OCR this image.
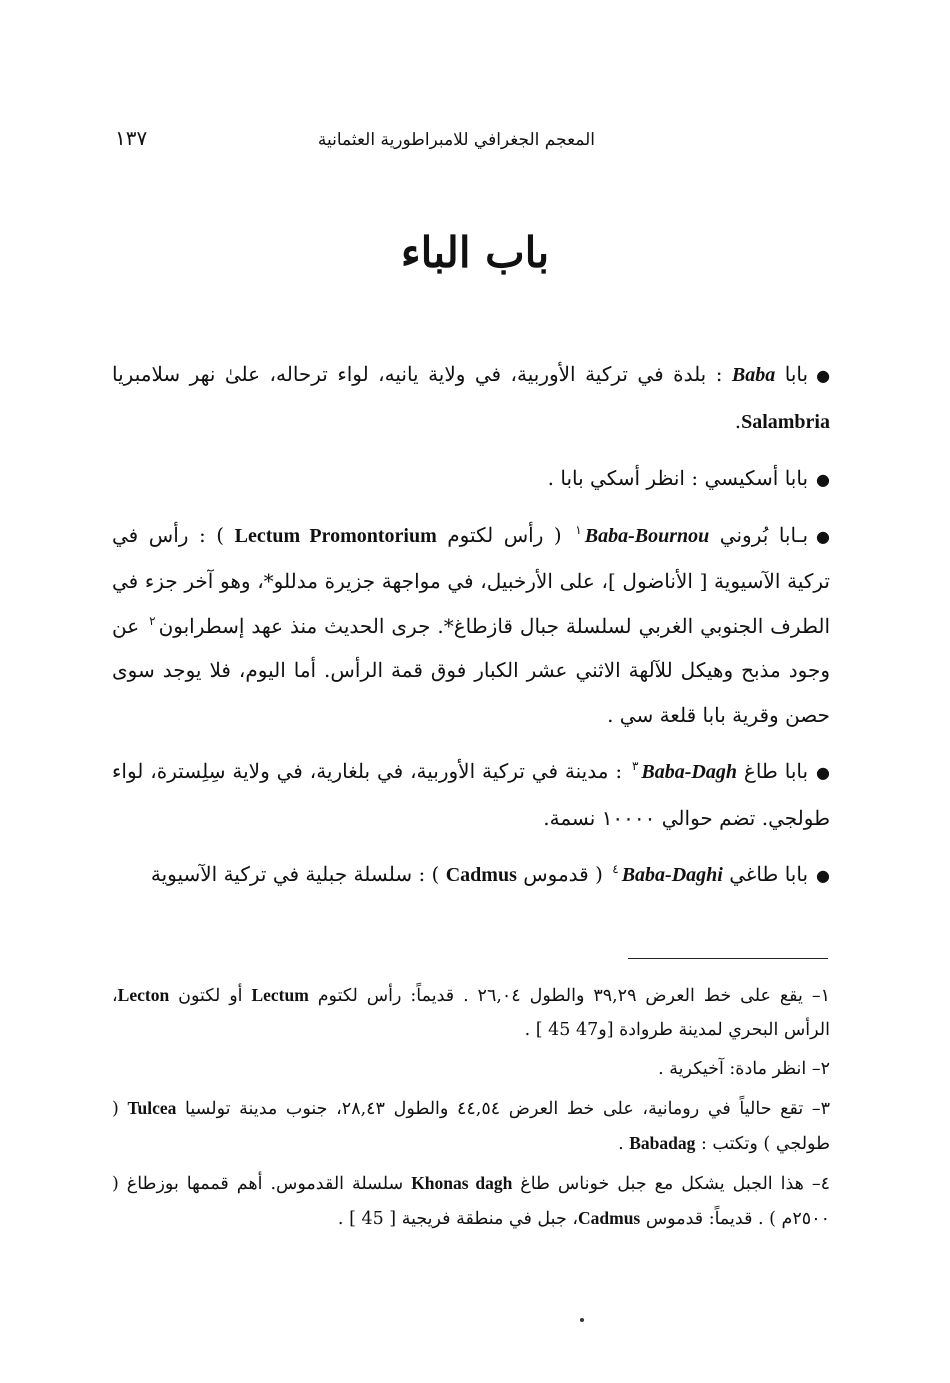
المعجم الجغرافي للامبراطورية العثمانية
١٣٧
باب الباء

●بابا Baba : بلدة في تركية الأوربية، في ولاية يانيه، لواء ترحاله، علىٰ نهر سلامبريا Salambria.

●بابا أسكيسي : انظر أسكي بابا .

●بـابا بُروني Baba-Bournou$^١$ ( رأس لكتوم Lectum Promontorium ) : رأس في تركية الآسيوية [ الأناضول ]، على الأرخبيل، في مواجهة جزيرة مدللو*، وهو آخر جزء في الطرف الجنوبي الغربي لسلسلة جبال قازطاغ*. جرى الحديث منذ عهد إسطرابون$^٢$ عن وجود مذبح وهيكل للآلهة الاثني عشر الكبار فوق قمة الرأس. أما اليوم، فلا يوجد سوى حصن وقرية بابا قلعة سي .

●بابا طاغ Baba-Dagh$^٣$ : مدينة في تركية الأوربية، في بلغارية، في ولاية سِلِسترة، لواء طولجي. تضم حوالي ١٠٠٠٠ نسمة.

●بابا طاغي Baba-Daghi$^٤$ ( قدموس Cadmus ) : سلسلة جبلية في تركية الآسيوية

١– يقع على خط العرض ٣٩,٢٩ والطول ٢٦,٠٤ . قديماً: رأس لكتوم Lectum أو لكتون Lecton، الرأس البحري لمدينة طروادة [ 45 و47] .

٢– انظر مادة: آخيكرية .

٣– تقع حالياً في رومانية، على خط العرض ٤٤,٥٤ والطول ٢٨,٤٣، جنوب مدينة تولسيا Tulcea ( طولجي ) وتكتب : Babadag .

٤– هذا الجبل يشكل مع جبل خوناس طاغ Khonas dagh سلسلة القدموس. أهم قممها بوزطاغ ( ٢٥٠٠م ) . قديماً: قدموس Cadmus، جبل في منطقة فريجية [ 45 ] .
